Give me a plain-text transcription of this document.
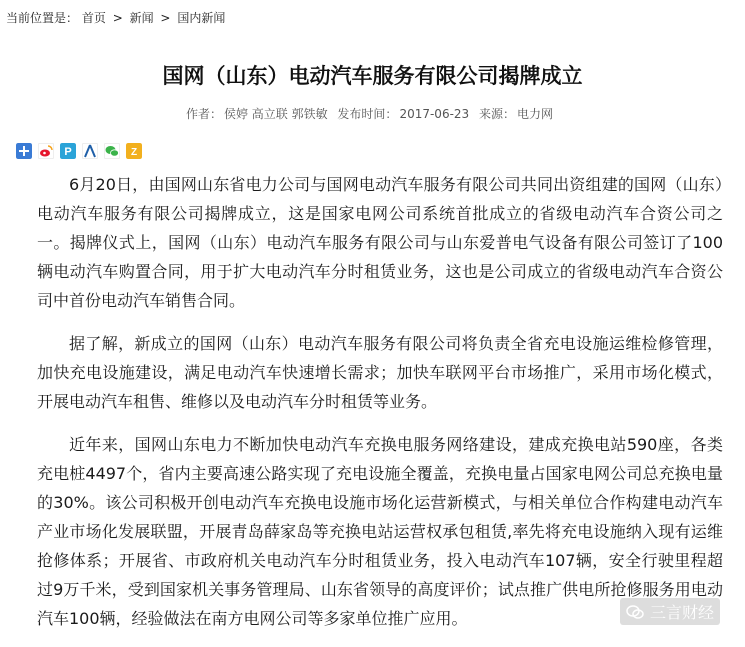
当前位置是： 首页 > 新闻 > 国内新闻
国网（山东）电动汽车服务有限公司揭牌成立
作者： 侯婷 高立联 郭铁敏 发布时间： 2017-06-23 来源： 电力网
P	Z

6月20日，由国网山东省电力公司与国网电动汽车服务有限公司共同出资组建的国网（山东）电动汽车服务有限公司揭牌成立，这是国家电网公司系统首批成立的省级电动汽车合资公司之一。揭牌仪式上，国网（山东）电动汽车服务有限公司与山东爱普电气设备有限公司签订了100辆电动汽车购置合同，用于扩大电动汽车分时租赁业务，这也是公司成立的省级电动汽车合资公司中首份电动汽车销售合同。

据了解，新成立的国网（山东）电动汽车服务有限公司将负责全省充电设施运维检修管理，加快充电设施建设，满足电动汽车快速增长需求；加快车联网平台市场推广，采用市场化模式，开展电动汽车租售、维修以及电动汽车分时租赁等业务。

近年来，国网山东电力不断加快电动汽车充换电服务网络建设，建成充换电站590座，各类充电桩4497个，省内主要高速公路实现了充电设施全覆盖，充换电量占国家电网公司总充换电量的30%。该公司积极开创电动汽车充换电设施市场化运营新模式，与相关单位合作构建电动汽车产业市场化发展联盟，开展青岛薛家岛等充换电站运营权承包租赁,率先将充电设施纳入现有运维抢修体系；开展省、市政府机关电动汽车分时租赁业务，投入电动汽车107辆，安全行驶里程超过9万千米，受到国家机关事务管理局、山东省领导的高度评价；试点推广供电所抢修服务用电动汽车100辆，经验做法在南方电网公司等多家单位推广应用。	三言财经
